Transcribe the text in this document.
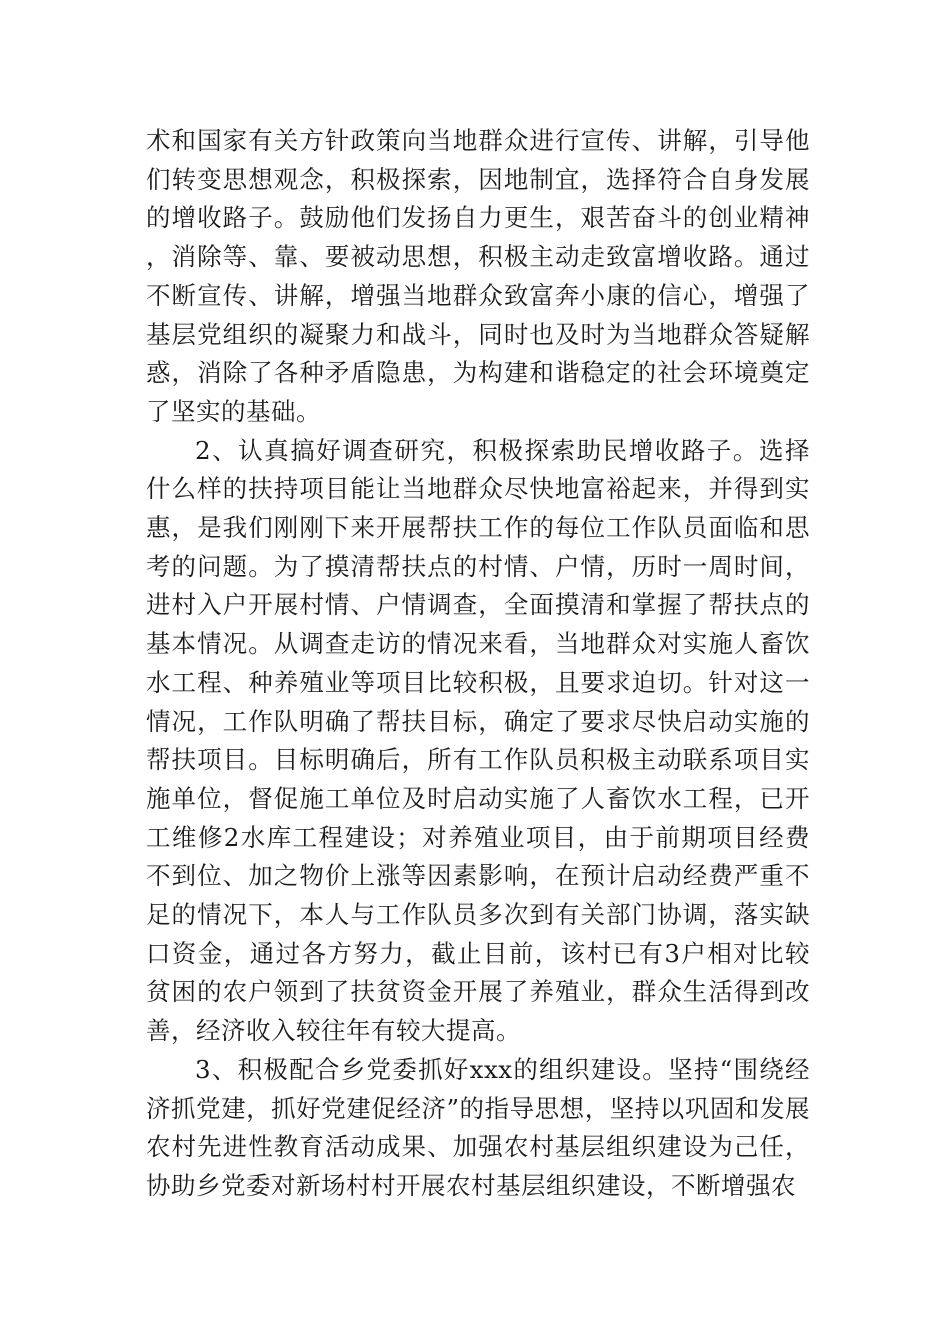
术和国家有关方针政策向当地群众进行宣传、讲解，引导他们转变思想观念，积极探索，因地制宜，选择符合自身发展的增收路子。鼓励他们发扬自力更生，艰苦奋斗的创业精神，消除等、靠、要被动思想，积极主动走致富增收路。通过不断宣传、讲解，增强当地群众致富奔小康的信心，增强了基层党组织的凝聚力和战斗，同时也及时为当地群众答疑解惑，消除了各种矛盾隐患，为构建和谐稳定的社会环境奠定了坚实的基础。

2、认真搞好调查研究，积极探索助民增收路子。选择什么样的扶持项目能让当地群众尽快地富裕起来，并得到实惠，是我们刚刚下来开展帮扶工作的每位工作队员面临和思考的问题。为了摸清帮扶点的村情、户情，历时一周时间，进村入户开展村情、户情调查，全面摸清和掌握了帮扶点的基本情况。从调查走访的情况来看，当地群众对实施人畜饮水工程、种养殖业等项目比较积极，且要求迫切。针对这一情况，工作队明确了帮扶目标，确定了要求尽快启动实施的帮扶项目。目标明确后，所有工作队员积极主动联系项目实施单位，督促施工单位及时启动实施了人畜饮水工程，已开工维修2水库工程建设；对养殖业项目，由于前期项目经费不到位、加之物价上涨等因素影响，在预计启动经费严重不足的情况下，本人与工作队员多次到有关部门协调，落实缺口资金，通过各方努力，截止目前，该村已有3户相对比较贫困的农户领到了扶贫资金开展了养殖业，群众生活得到改善，经济收入较往年有较大提高。

3、积极配合乡党委抓好xxx的组织建设。坚持“围绕经济抓党建，抓好党建促经济”的指导思想，坚持以巩固和发展农村先进性教育活动成果、加强农村基层组织建设为己任，协助乡党委对新场村村开展农村基层组织建设，不断增强农
